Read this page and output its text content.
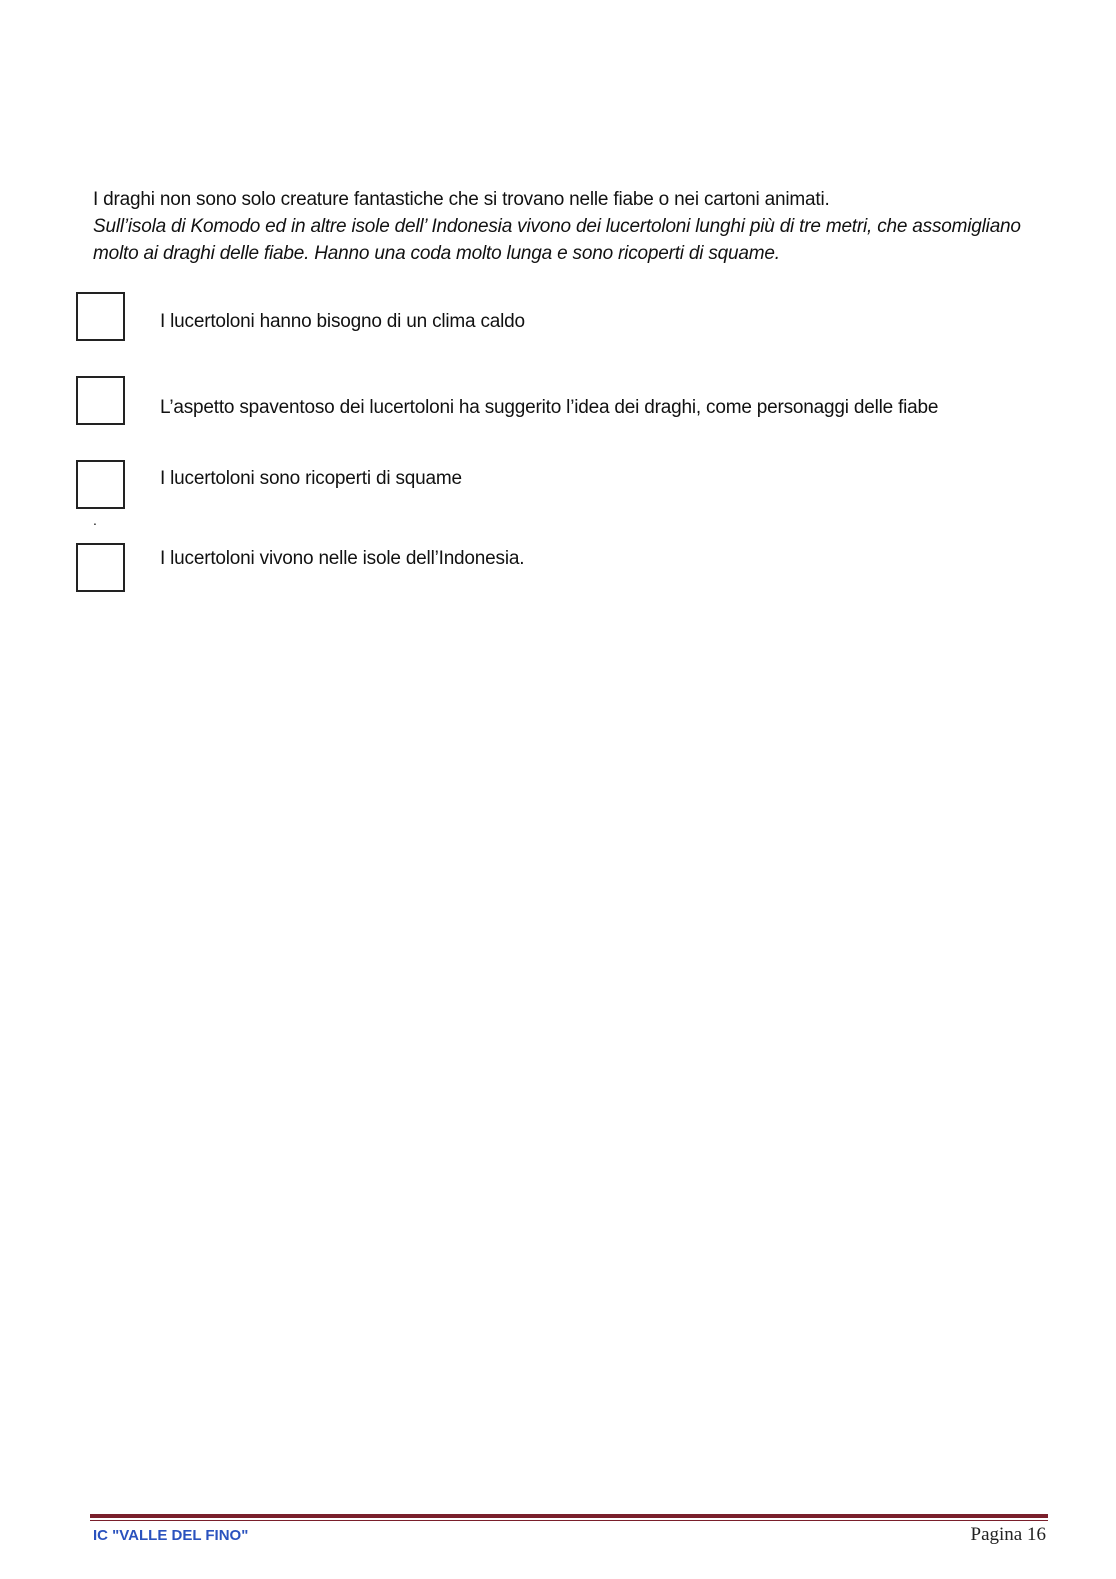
I draghi non sono solo creature fantastiche che si trovano nelle fiabe o nei cartoni animati.

Sull’isola di Komodo ed in altre isole dell’ Indonesia vivono dei lucertoloni lunghi più di tre metri, che assomigliano molto ai draghi delle fiabe. Hanno una coda molto lunga e sono ricoperti di squame.

I lucertoloni hanno bisogno di un clima caldo
L’aspetto spaventoso dei lucertoloni ha suggerito l’idea dei draghi, come personaggi delle fiabe
I lucertoloni sono ricoperti di squame
.
I lucertoloni vivono nelle isole dell’Indonesia.
IC "VALLE DEL FINO"	Pagina 16
